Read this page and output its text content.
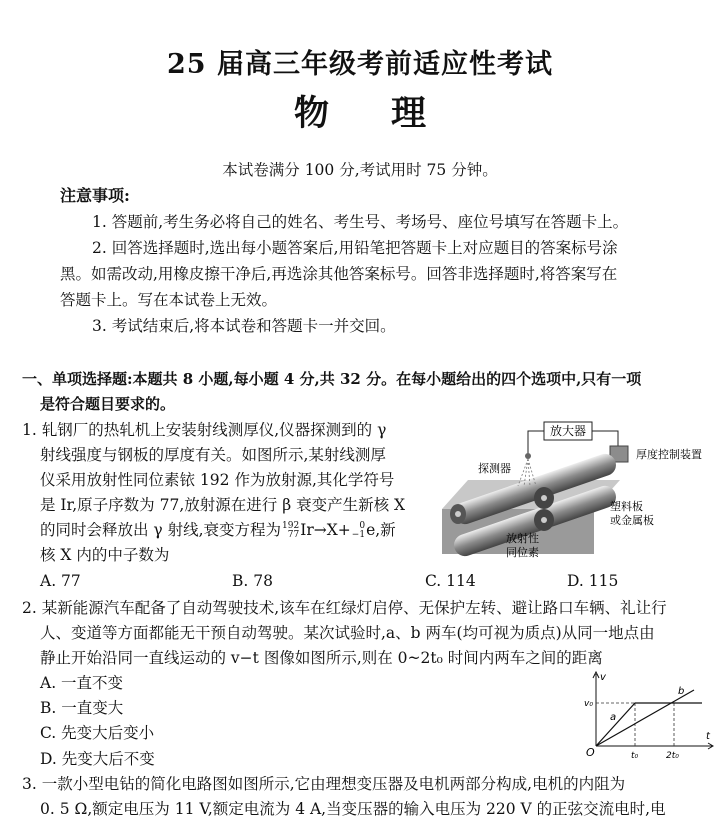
25 届高三年级考前适应性考试
物理
本试卷满分 100 分,考试用时 75 分钟。
注意事项:
1. 答题前,考生务必将自己的姓名、考生号、考场号、座位号填写在答题卡上。
2. 回答选择题时,选出每小题答案后,用铅笔把答题卡上对应题目的答案标号涂
黑。如需改动,用橡皮擦干净后,再选涂其他答案标号。回答非选择题时,将答案写在
答题卡上。写在本试卷上无效。
3. 考试结束后,将本试卷和答题卡一并交回。
一、单项选择题:本题共 8 小题,每小题 4 分,共 32 分。在每小题给出的四个选项中,只有一项
是符合题目要求的。
1. 轧钢厂的热轧机上安装射线测厚仪,仪器探测到的 γ
射线强度与钢板的厚度有关。如图所示,某射线测厚
仪采用放射性同位素铱 192 作为放射源,其化学符号
是 Ir,原子序数为 77,放射源在进行 β 衰变产生新核 X
的同时会释放出 γ 射线,衰变方程为 192
77 Ir→X+ 0
−1 e,新
核 X 内的中子数为
A. 77	B. 78	C. 114	D. 115
放大器
厚度控制装置
探测器
塑料板
或金属板
放射性
同位素
2. 某新能源汽车配备了自动驾驶技术,该车在红绿灯启停、无保护左转、避让路口车辆、礼让行
人、变道等方面都能无干预自动驾驶。某次试验时,a、b 两车(均可视为质点)从同一地点由
静止开始沿同一直线运动的 v−t 图像如图所示,则在 0~2t₀ 时间内两车之间的距离
A. 一直不变
B. 一直变大
C. 先变大后变小
D. 先变大后不变
v
t
O
v₀
t₀	2t₀
a
b
3. 一款小型电钻的简化电路图如图所示,它由理想变压器及电机两部分构成,电机的内阻为
0. 5 Ω,额定电压为 11 V,额定电流为 4 A,当变压器的输入电压为 220 V 的正弦交流电时,电
